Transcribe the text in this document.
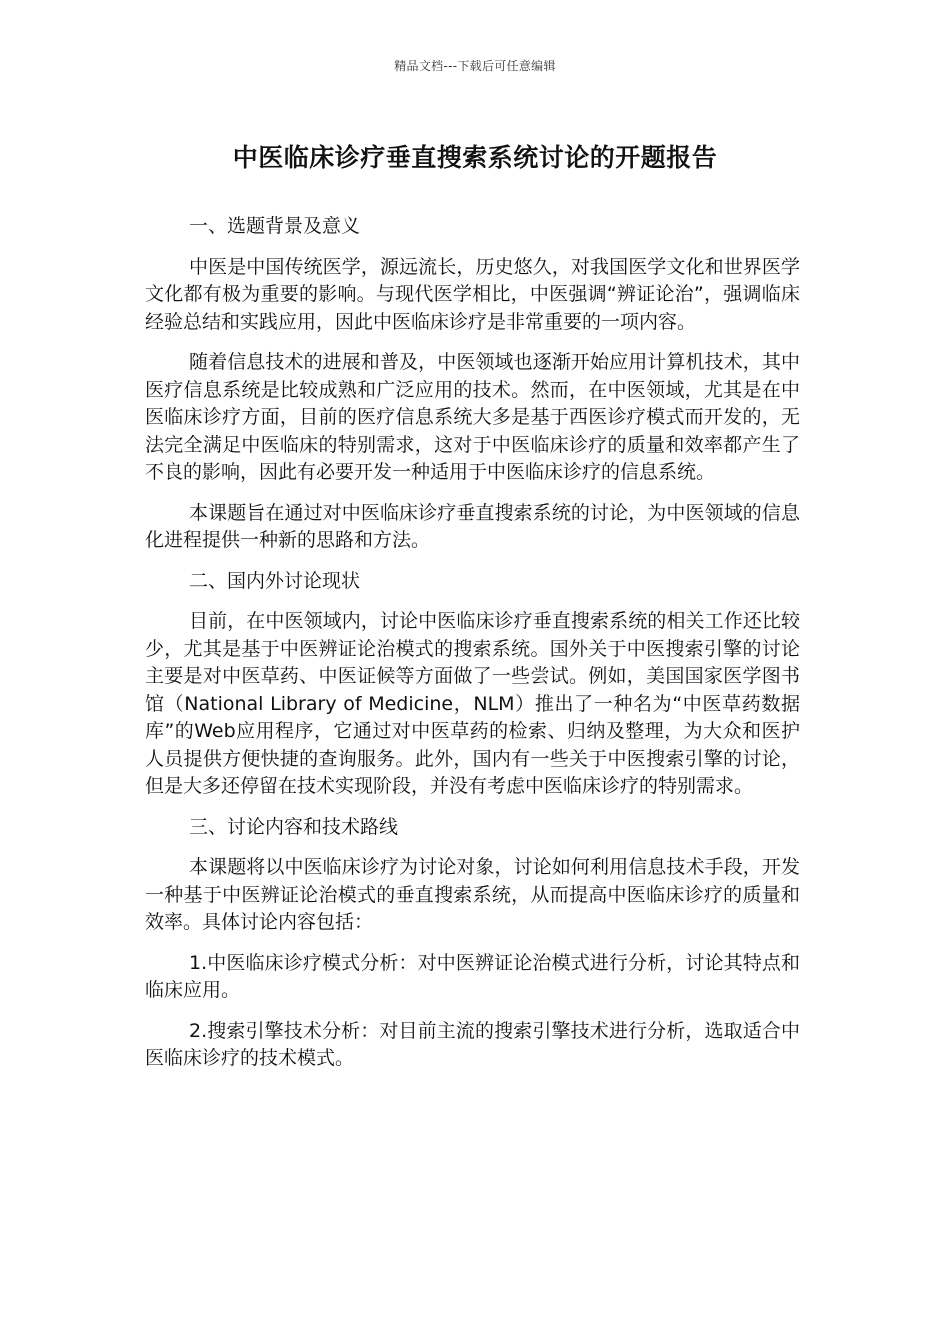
精品文档---下载后可任意编辑
中医临床诊疗垂直搜索系统讨论的开题报告

一、选题背景及意义

中医是中国传统医学，源远流长，历史悠久，对我国医学文化和世界医学文化都有极为重要的影响。与现代医学相比，中医强调“辨证论治”，强调临床经验总结和实践应用，因此中医临床诊疗是非常重要的一项内容。

随着信息技术的进展和普及，中医领域也逐渐开始应用计算机技术，其中医疗信息系统是比较成熟和广泛应用的技术。然而，在中医领域，尤其是在中医临床诊疗方面，目前的医疗信息系统大多是基于西医诊疗模式而开发的，无法完全满足中医临床的特别需求，这对于中医临床诊疗的质量和效率都产生了不良的影响，因此有必要开发一种适用于中医临床诊疗的信息系统。

本课题旨在通过对中医临床诊疗垂直搜索系统的讨论，为中医领域的信息化进程提供一种新的思路和方法。

二、国内外讨论现状

目前，在中医领域内，讨论中医临床诊疗垂直搜索系统的相关工作还比较少，尤其是基于中医辨证论治模式的搜索系统。国外关于中医搜索引擎的讨论主要是对中医草药、中医证候等方面做了一些尝试。例如，美国国家医学图书馆（National Library of Medicine，NLM）推出了一种名为“中医草药数据库”的Web应用程序，它通过对中医草药的检索、归纳及整理，为大众和医护人员提供方便快捷的查询服务。此外，国内有一些关于中医搜索引擎的讨论，但是大多还停留在技术实现阶段，并没有考虑中医临床诊疗的特别需求。

三、讨论内容和技术路线

本课题将以中医临床诊疗为讨论对象，讨论如何利用信息技术手段，开发一种基于中医辨证论治模式的垂直搜索系统，从而提高中医临床诊疗的质量和效率。具体讨论内容包括：

1.中医临床诊疗模式分析：对中医辨证论治模式进行分析，讨论其特点和临床应用。

2.搜索引擎技术分析：对目前主流的搜索引擎技术进行分析，选取适合中医临床诊疗的技术模式。
